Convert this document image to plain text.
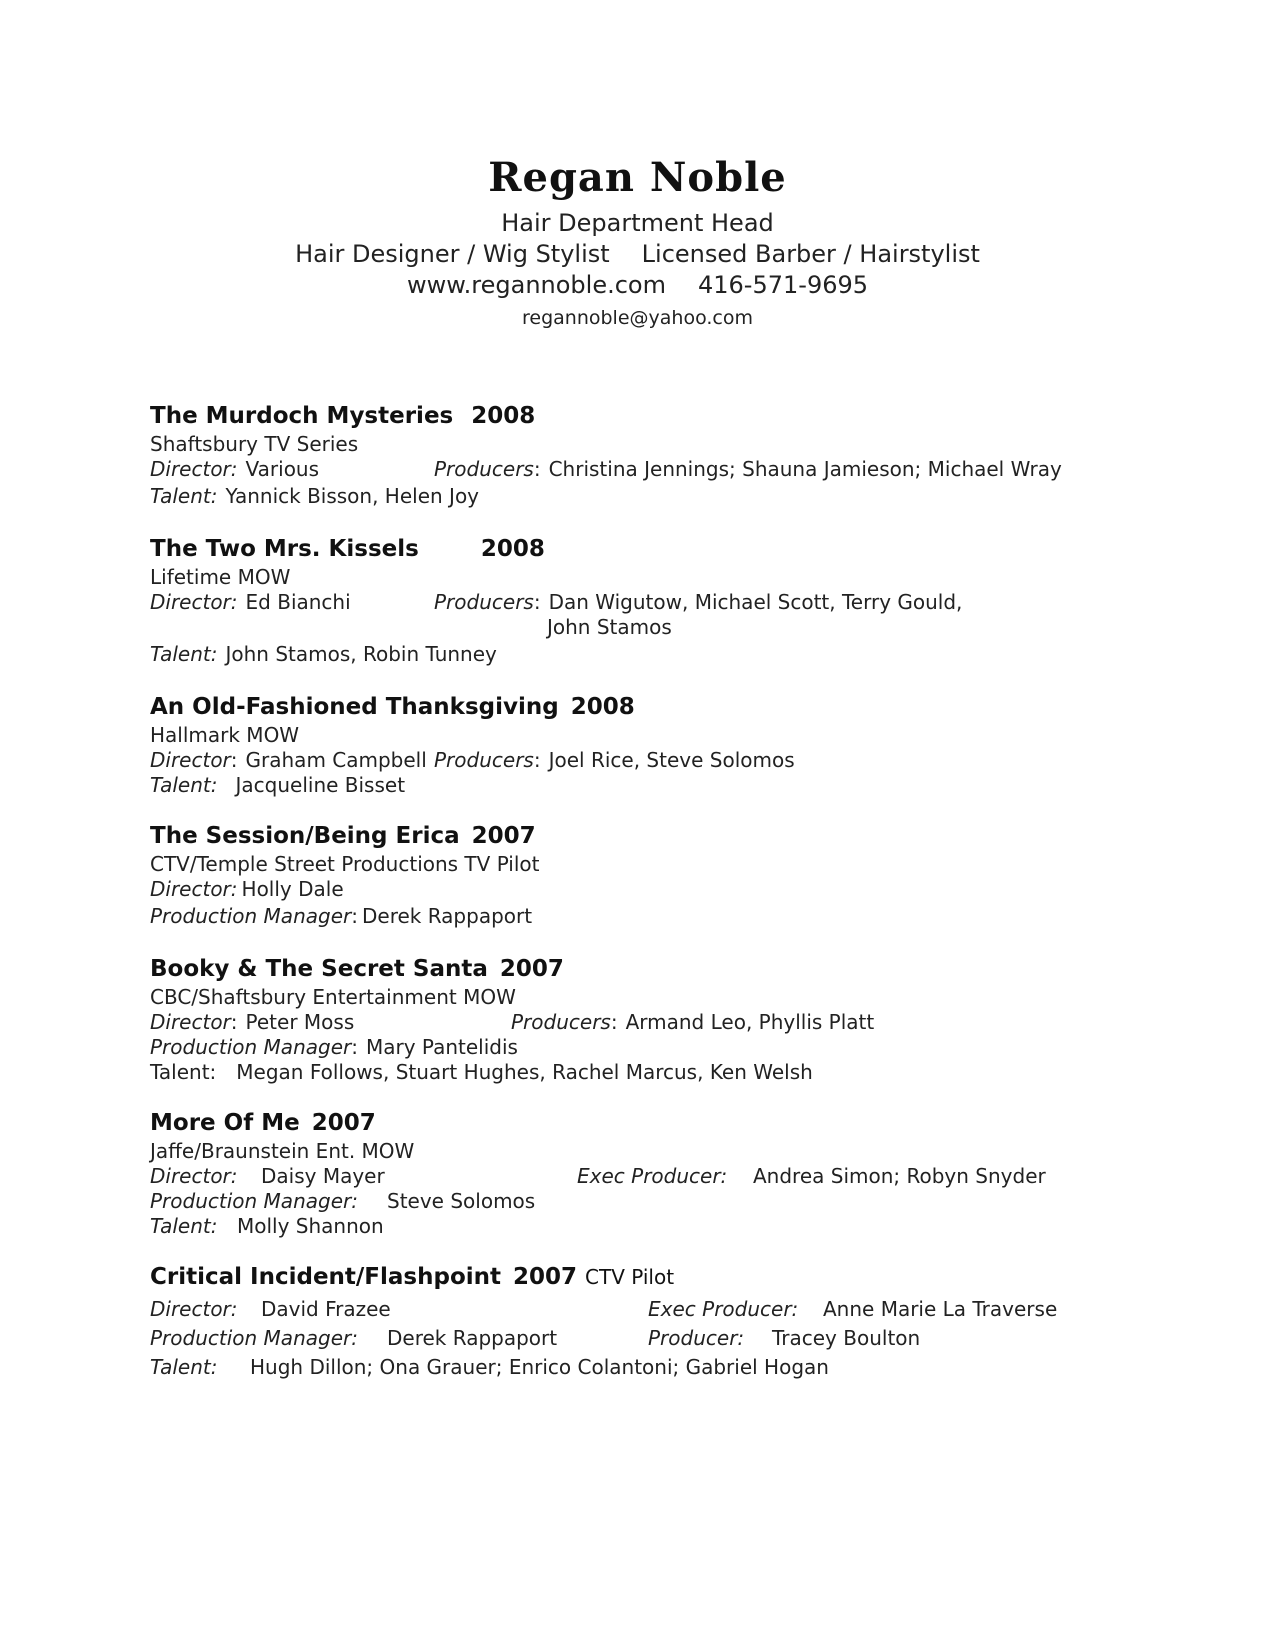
Regan Noble
Hair Department Head
Hair Designer / Wig Stylist Licensed Barber / Hairstylist
www.regannoble.com 416-571-9695
regannoble@yahoo.com
The Murdoch Mysteries 2008
Shaftsbury TV Series
Director: Various	Producers: Christina Jennings; Shauna Jamieson; Michael Wray
Talent: Yannick Bisson, Helen Joy
The Two Mrs. Kissels	2008
Lifetime MOW
Director: Ed Bianchi	Producers: Dan Wigutow, Michael Scott, Terry Gould,
John Stamos
Talent: John Stamos, Robin Tunney
An Old-Fashioned Thanksgiving 2008
Hallmark MOW
Director: Graham Campbell Producers: Joel Rice, Steve Solomos
Talent: Jacqueline Bisset
The Session/Being Erica 2007
CTV/Temple Street Productions TV Pilot
Director: Holly Dale
Production Manager: Derek Rappaport
Booky & The Secret Santa 2007
CBC/Shaftsbury Entertainment MOW
Director: Peter Moss	Producers: Armand Leo, Phyllis Platt
Production Manager: Mary Pantelidis
Talent: Megan Follows, Stuart Hughes, Rachel Marcus, Ken Welsh
More Of Me 2007
Jaffe/Braunstein Ent. MOW
Director: Daisy Mayer	Exec Producer: Andrea Simon; Robyn Snyder
Production Manager: Steve Solomos
Talent: Molly Shannon
Critical Incident/Flashpoint 2007 CTV Pilot
Director: David Frazee	Exec Producer: Anne Marie La Traverse
Production Manager: Derek Rappaport	Producer: Tracey Boulton
Talent: Hugh Dillon; Ona Grauer; Enrico Colantoni; Gabriel Hogan
